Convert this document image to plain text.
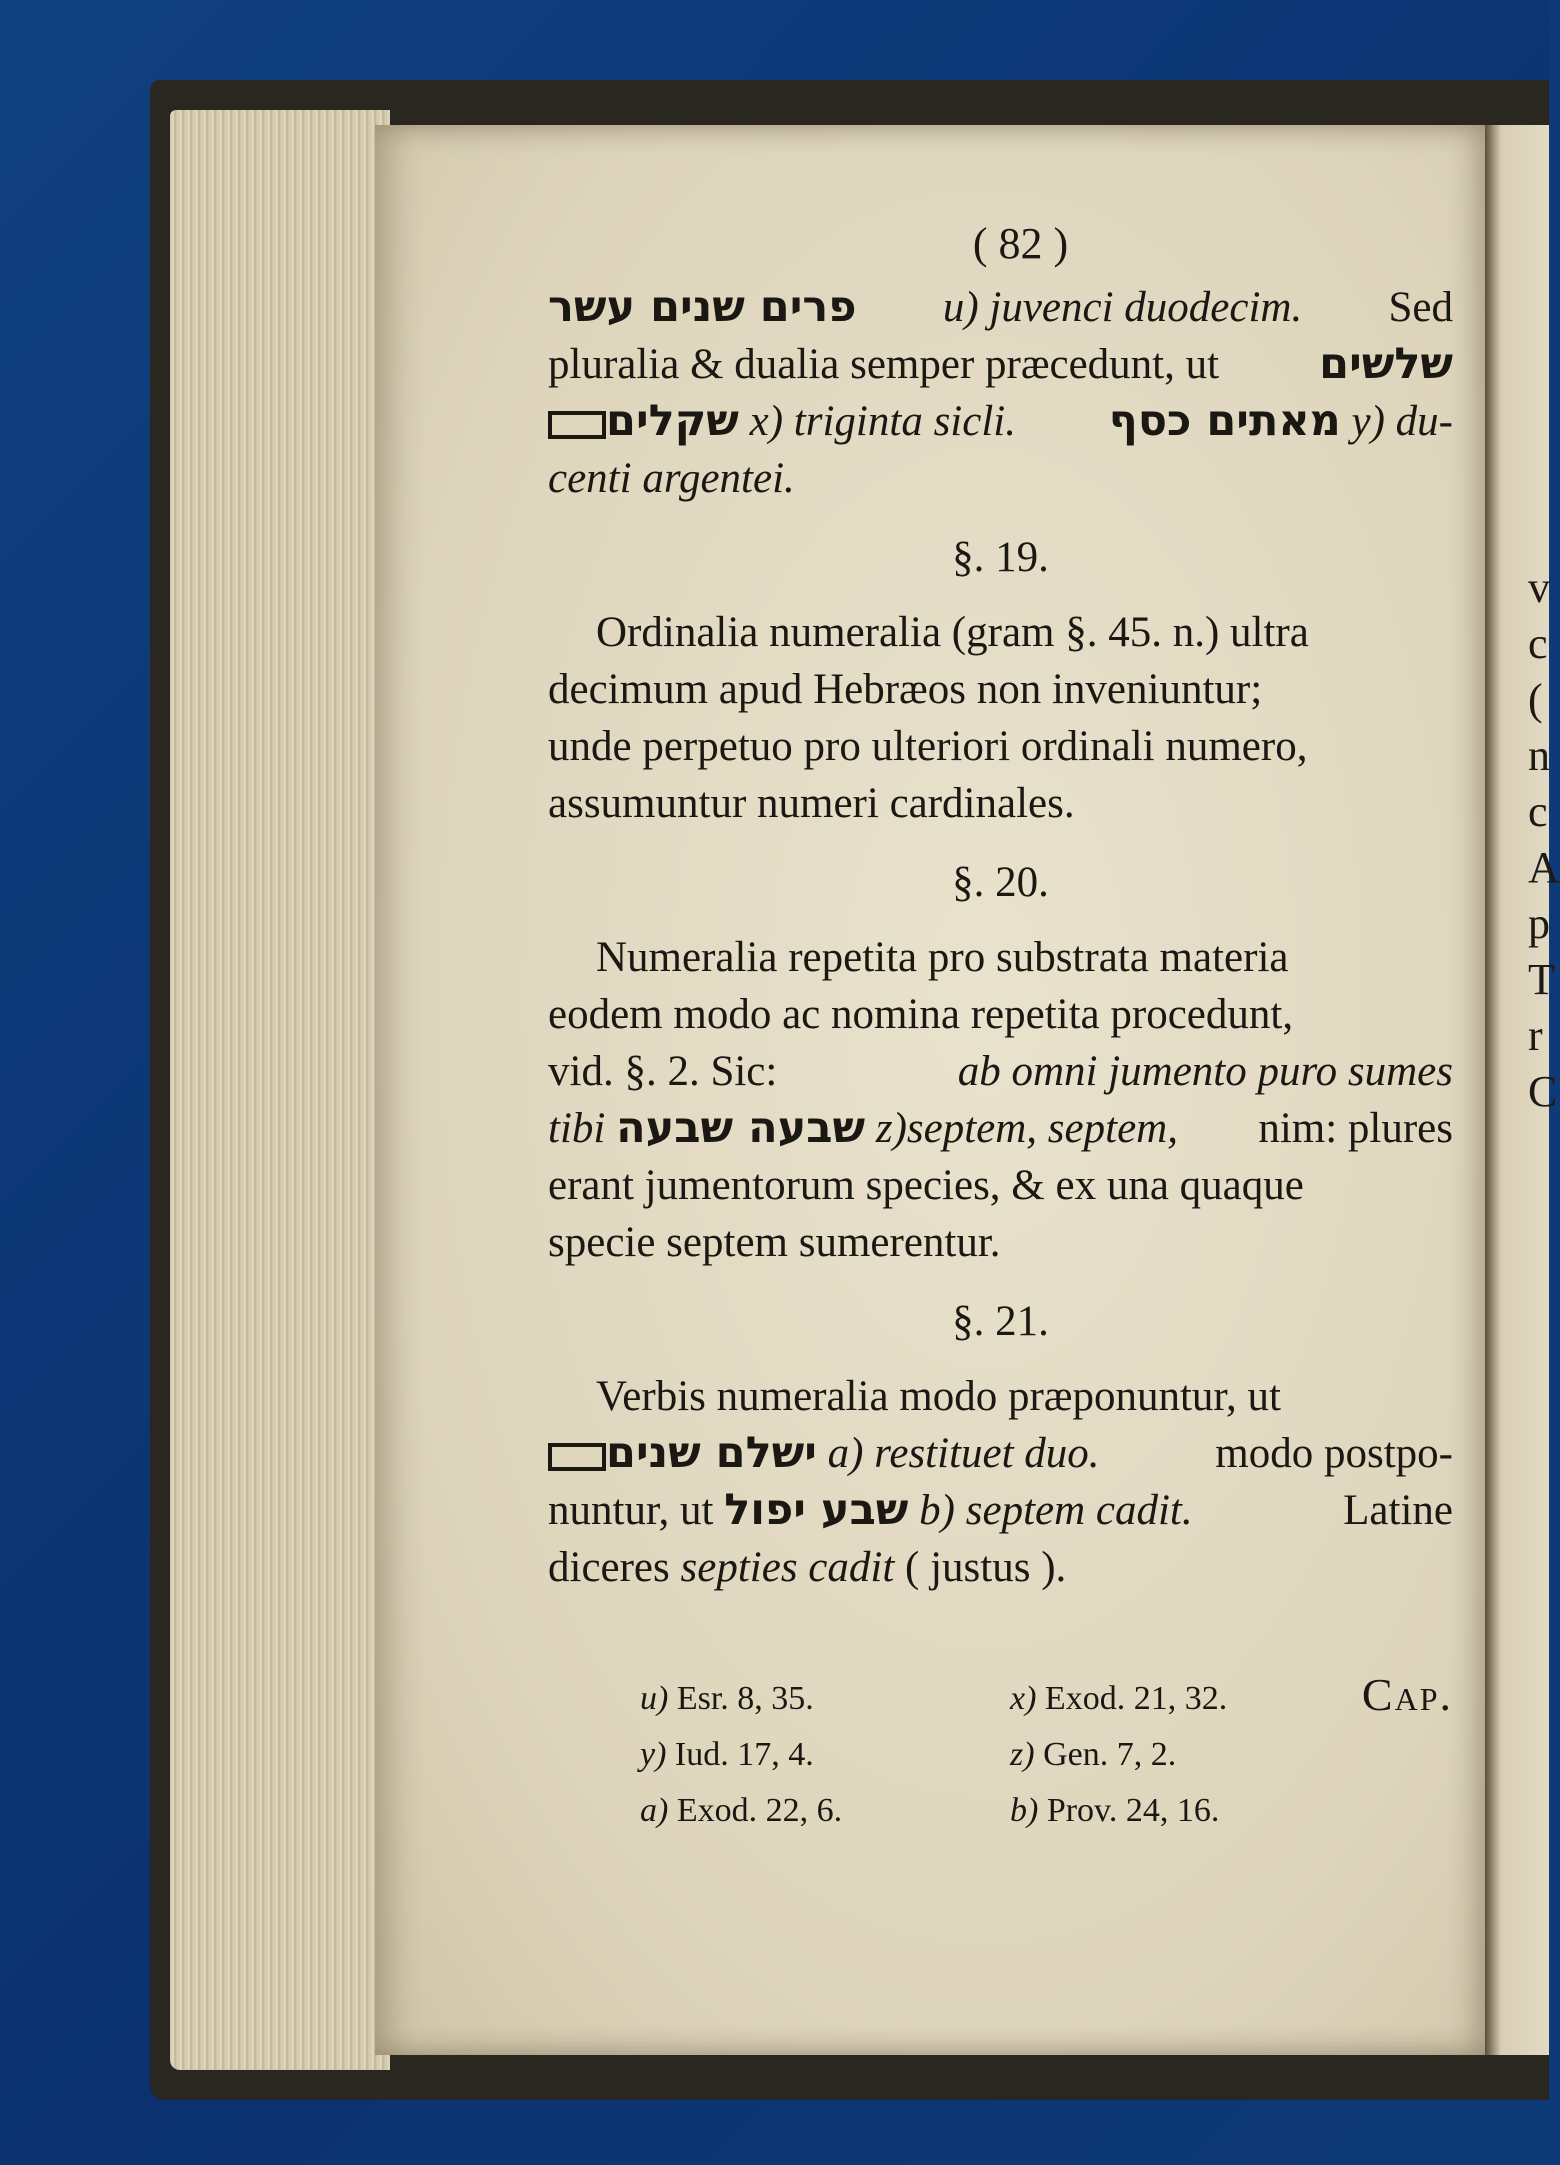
v
c
(
n
c
A
p
T
r
C
( 82 )
פרים שנים עשר u) juvenci duodecim. Sed
pluralia & dualia semper præcedunt, ut שלשים
שקלים x) triginta sicli. מאתים כסף y) du-
centi argentei.
§. 19.
Ordinalia numeralia (gram §. 45. n.) ultra
decimum apud Hebræos non inveniuntur;
unde perpetuo pro ulteriori ordinali numero,
assumuntur numeri cardinales.
§. 20.
Numeralia repetita pro substrata materia
eodem modo ac nomina repetita procedunt,
vid. §. 2. Sic:	ab omni jumento puro sumes
tibi שבעה שבעה z)septem, septem, nim: plures
erant jumentorum species, & ex una quaque
specie septem sumerentur.
§. 21.
Verbis numeralia modo præponuntur, ut
ישלם שנים a) restituet duo.	modo postpo-
nuntur, ut שבע יפול b) septem cadit.	Latine
diceres septies cadit ( justus ).
Cap.
u) Esr. 8, 35.	x) Exod. 21, 32.
y) Iud. 17, 4.	z) Gen. 7, 2.
a) Exod. 22, 6.	b) Prov. 24, 16.
